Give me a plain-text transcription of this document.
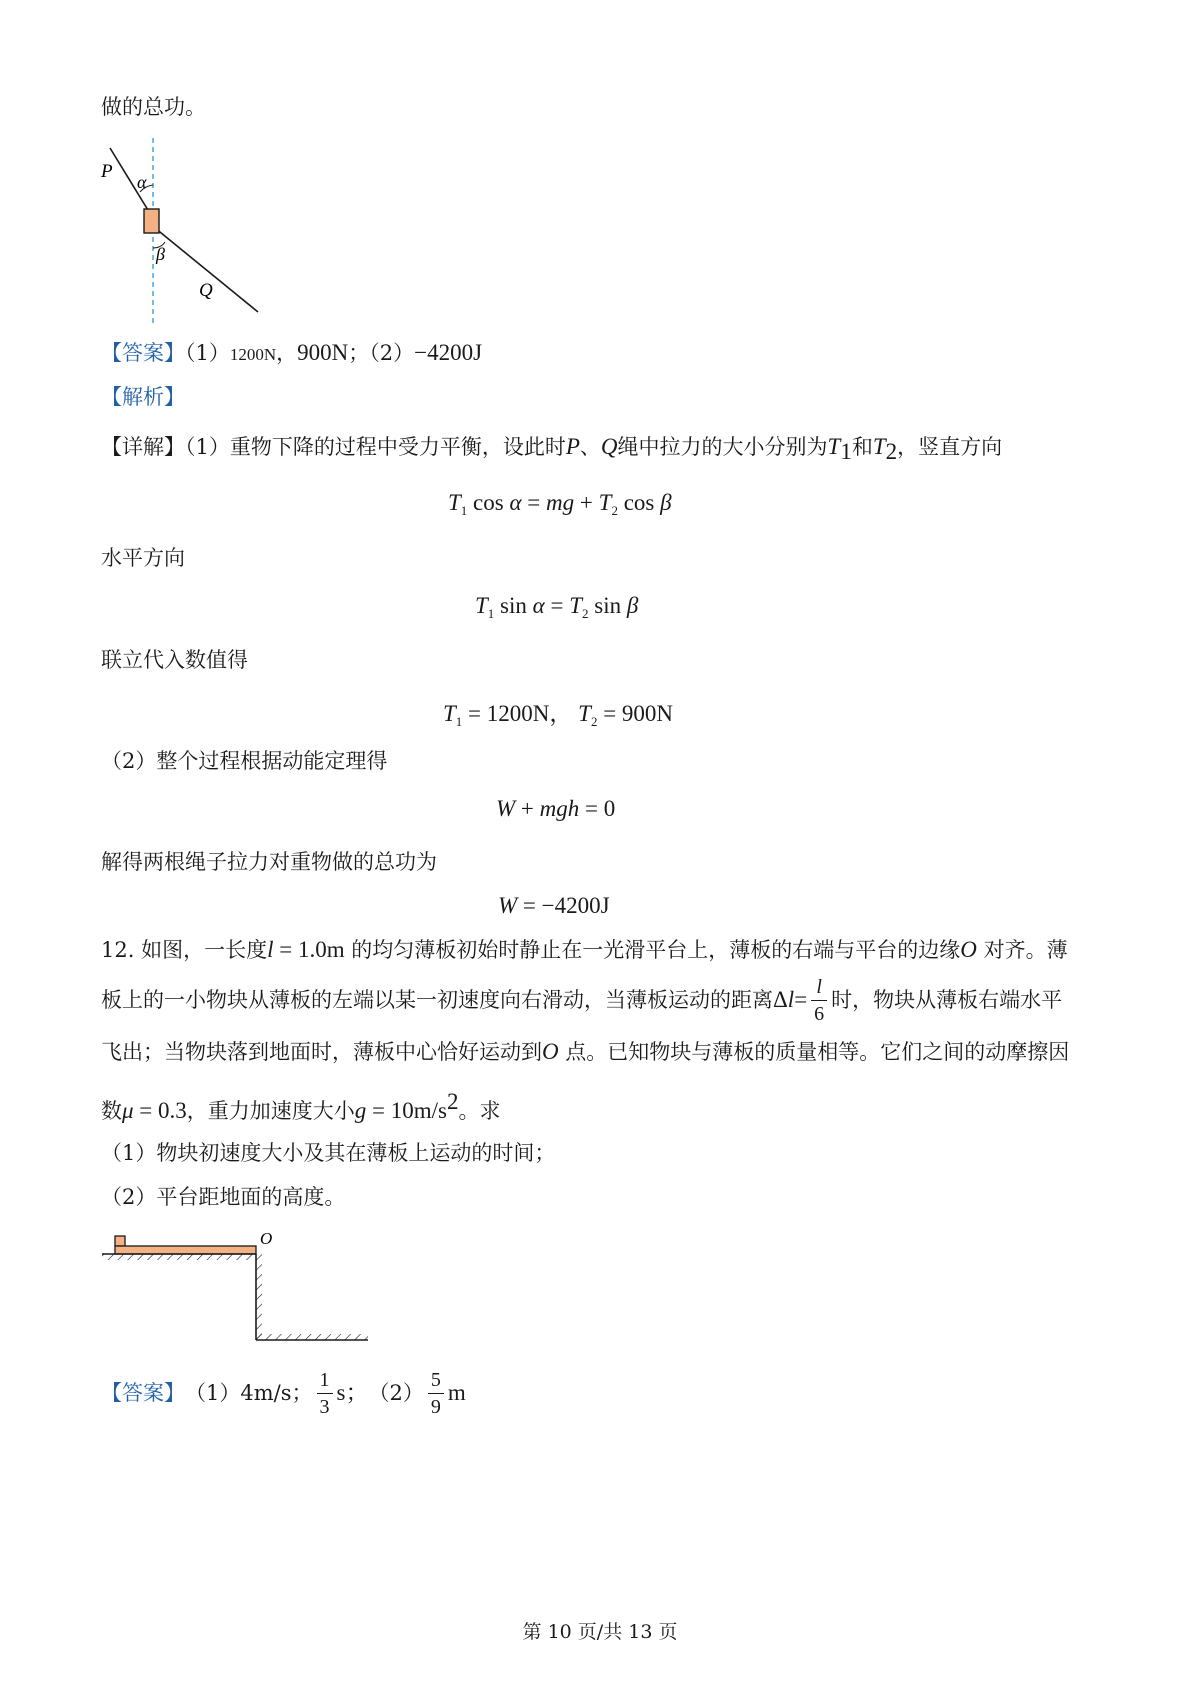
做的总功。
P α
β
Q
【答案】（1）1200N，900N；（2）−4200J
【解析】
【详解】（1）重物下降的过程中受力平衡，设此时P、Q绳中拉力的大小分别为$T_1$和$T_2$，竖直方向
$T_1$ cos α = mg + $T_2$ cos β
水平方向
$T_1$ $\sin \alpha = T_2$ sin β
联立代入数值得
$T_1 = 1200N$， $T_2 = 900N$
（2）整个过程根据动能定理得
W + mgh = 0
解得两根绳子拉力对重物做的总功为
W = −4200J
12. 如图，一长度l = 1.0m 的均匀薄板初始时静止在一光滑平台上，薄板的右端与平台的边缘O 对齐。薄
板上的一小物块从薄板的左端以某一初速度向右滑动，当薄板运动的距离 Δ $l = \frac{l}{6}$ 时，物块从薄板右端水平
飞出；当物块落到地面时，薄板中心恰好运动到O 点。已知物块与薄板的质量相等。它们之间的动摩擦因
数μ = 0.3，重力加速度大小$g = 10m/s^2$。求
（1）物块初速度大小及其在薄板上运动的时间；
（2）平台距地面的高度。
O
【答案】 （1）4m/s； $\frac{1}{3}$ s； $(2) \frac{5}{9}$ m
第 10 页/共 13 页
